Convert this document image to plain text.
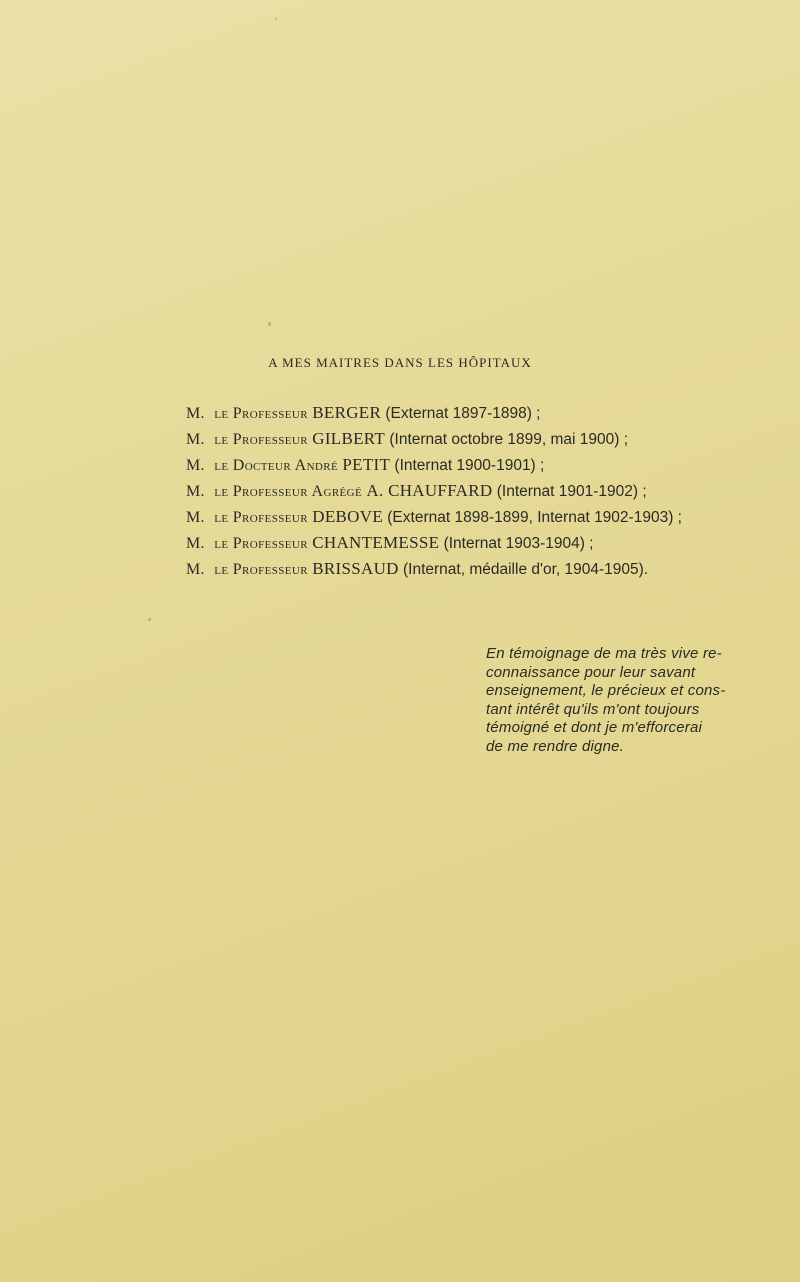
A MES MAITRES DANS LES HÔPITAUX
M. le Professeur BERGER (Externat 1897-1898) ;
M. le Professeur GILBERT (Internat octobre 1899, mai 1900) ;
M. le Docteur André PETIT (Internat 1900-1901) ;
M. le Professeur Agrégé A. CHAUFFARD (Internat 1901-1902) ;
M. le Professeur DEBOVE (Externat 1898-1899, Internat 1902-1903) ;
M. le Professeur CHANTEMESSE (Internat 1903-1904) ;
M. le Professeur BRISSAUD (Internat, médaille d'or, 1904-1905).
En témoignage de ma très vive re-
connaissance pour leur savant
enseignement, le précieux et cons-
tant intérêt qu'ils m'ont toujours
témoigné et dont je m'efforcerai
de me rendre digne.
